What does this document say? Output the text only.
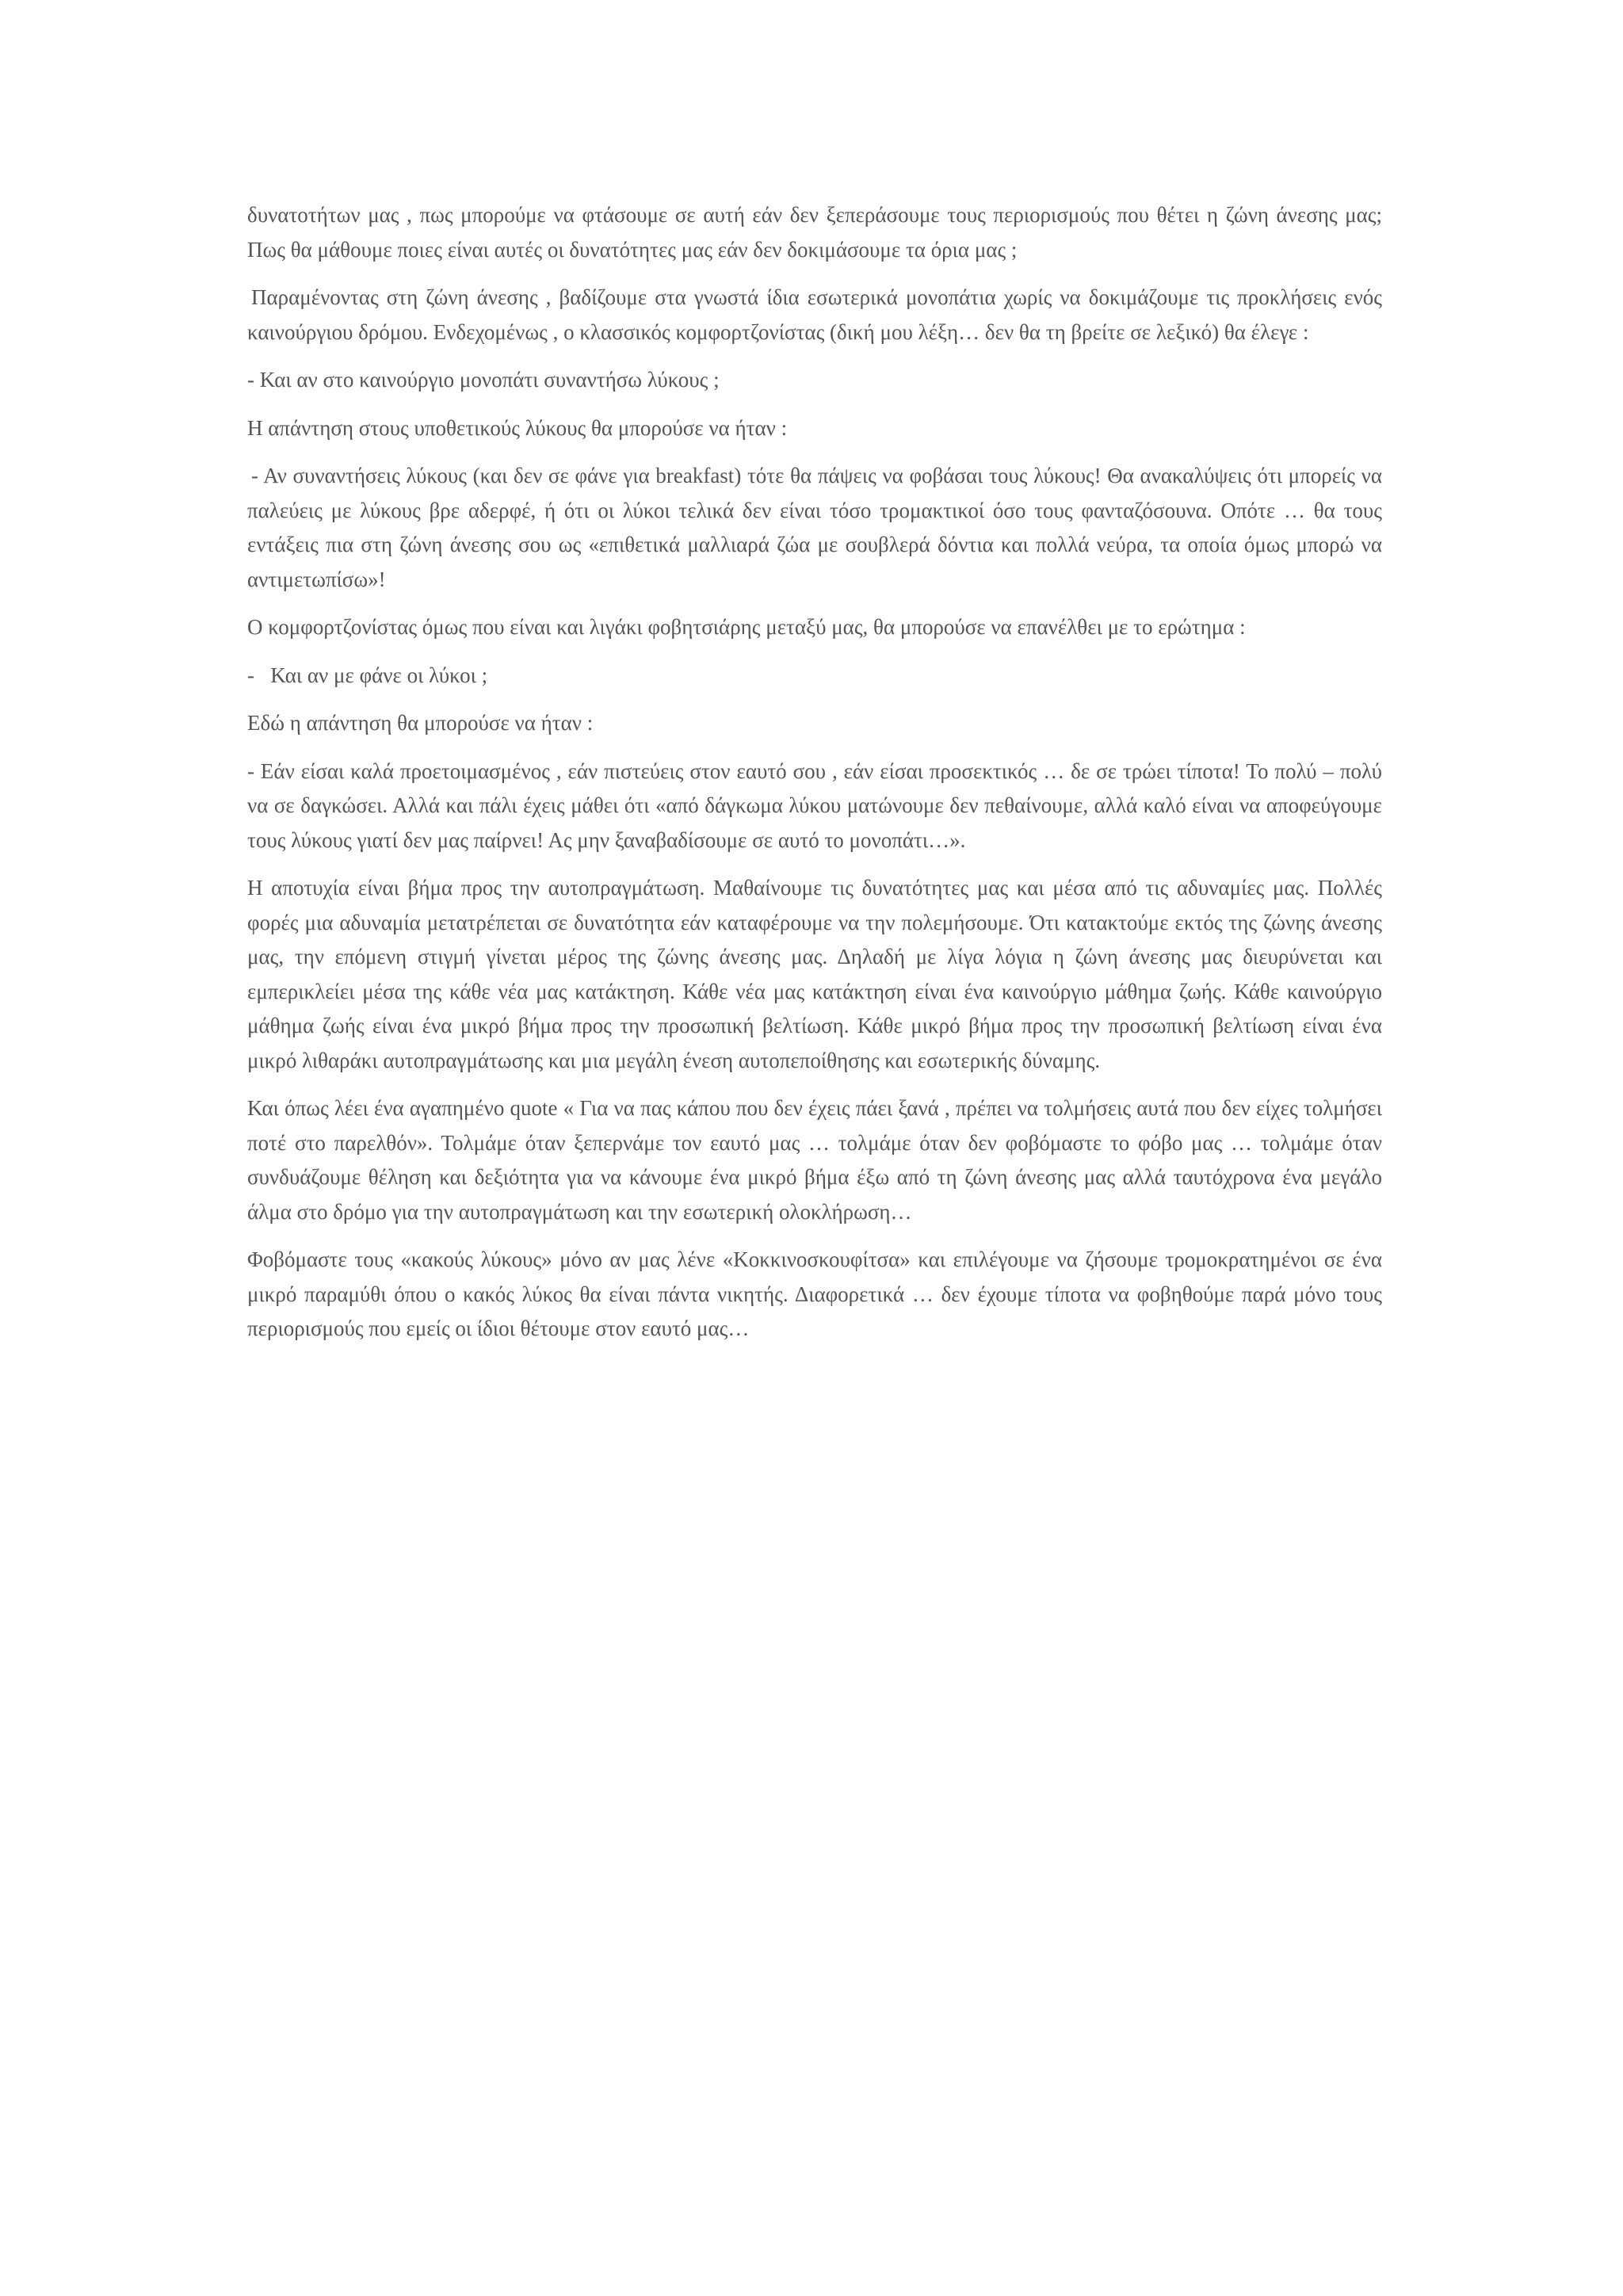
δυνατοτήτων μας , πως μπορούμε να φτάσουμε σε αυτή εάν δεν ξεπεράσουμε τους περιορισμούς που θέτει η ζώνη άνεσης μας; Πως θα μάθουμε ποιες είναι αυτές οι δυνατότητες μας εάν δεν δοκιμάσουμε τα όρια μας ;

Παραμένοντας στη ζώνη άνεσης , βαδίζουμε στα γνωστά ίδια εσωτερικά μονοπάτια χωρίς να δοκιμάζουμε τις προκλήσεις ενός καινούργιου δρόμου. Ενδεχομένως , ο κλασσικός κομφορτζονίστας (δική μου λέξη… δεν θα τη βρείτε σε λεξικό) θα έλεγε :

- Και αν στο καινούργιο μονοπάτι συναντήσω λύκους ;

Η απάντηση στους υποθετικούς λύκους θα μπορούσε να ήταν :

- Αν συναντήσεις λύκους (και δεν σε φάνε για breakfast) τότε θα πάψεις να φοβάσαι τους λύκους! Θα ανακαλύψεις ότι μπορείς να παλεύεις με λύκους βρε αδερφέ, ή ότι οι λύκοι τελικά δεν είναι τόσο τρομακτικοί όσο τους φανταζόσουνα. Οπότε … θα τους εντάξεις πια στη ζώνη άνεσης σου ως «επιθετικά μαλλιαρά ζώα με σουβλερά δόντια και πολλά νεύρα, τα οποία όμως μπορώ να αντιμετωπίσω»!

Ο κομφορτζονίστας όμως που είναι και λιγάκι φοβητσιάρης μεταξύ μας, θα μπορούσε να επανέλθει με το ερώτημα :

-   Και αν με φάνε οι λύκοι ;

Εδώ η απάντηση θα μπορούσε να ήταν :

- Εάν είσαι καλά προετοιμασμένος , εάν πιστεύεις στον εαυτό σου , εάν είσαι προσεκτικός … δε σε τρώει τίποτα! Το πολύ – πολύ να σε δαγκώσει. Αλλά και πάλι έχεις μάθει ότι «από δάγκωμα λύκου ματώνουμε δεν πεθαίνουμε, αλλά καλό είναι να αποφεύγουμε τους λύκους γιατί δεν μας παίρνει! Ας μην ξαναβαδίσουμε σε αυτό το μονοπάτι…».

Η αποτυχία είναι βήμα προς την αυτοπραγμάτωση. Μαθαίνουμε τις δυνατότητες μας και μέσα από τις αδυναμίες μας. Πολλές φορές μια αδυναμία μετατρέπεται σε δυνατότητα εάν καταφέρουμε να την πολεμήσουμε. Ότι κατακτούμε εκτός της ζώνης άνεσης μας, την επόμενη στιγμή γίνεται μέρος της ζώνης άνεσης μας. Δηλαδή με λίγα λόγια η ζώνη άνεσης μας διευρύνεται και εμπερικλείει μέσα της κάθε νέα μας κατάκτηση. Κάθε νέα μας κατάκτηση είναι ένα καινούργιο μάθημα ζωής. Κάθε καινούργιο μάθημα ζωής είναι ένα μικρό βήμα προς την προσωπική βελτίωση. Κάθε μικρό βήμα προς την προσωπική βελτίωση είναι ένα μικρό λιθαράκι αυτοπραγμάτωσης και μια μεγάλη ένεση αυτοπεποίθησης και εσωτερικής δύναμης.

Και όπως λέει ένα αγαπημένο quote « Για να πας κάπου που δεν έχεις πάει ξανά , πρέπει να τολμήσεις αυτά που δεν είχες τολμήσει ποτέ στο παρελθόν». Τολμάμε όταν ξεπερνάμε τον εαυτό μας … τολμάμε όταν δεν φοβόμαστε το φόβο μας … τολμάμε όταν συνδυάζουμε θέληση και δεξιότητα για να κάνουμε ένα μικρό βήμα έξω από τη ζώνη άνεσης μας αλλά ταυτόχρονα ένα μεγάλο άλμα στο δρόμο για την αυτοπραγμάτωση και την εσωτερική ολοκλήρωση…

Φοβόμαστε τους «κακούς λύκους» μόνο αν μας λένε «Κοκκινοσκουφίτσα» και επιλέγουμε να ζήσουμε τρομοκρατημένοι σε ένα μικρό παραμύθι όπου ο κακός λύκος θα είναι πάντα νικητής. Διαφορετικά … δεν έχουμε τίποτα να φοβηθούμε παρά μόνο τους περιορισμούς που εμείς οι ίδιοι θέτουμε στον εαυτό μας…
